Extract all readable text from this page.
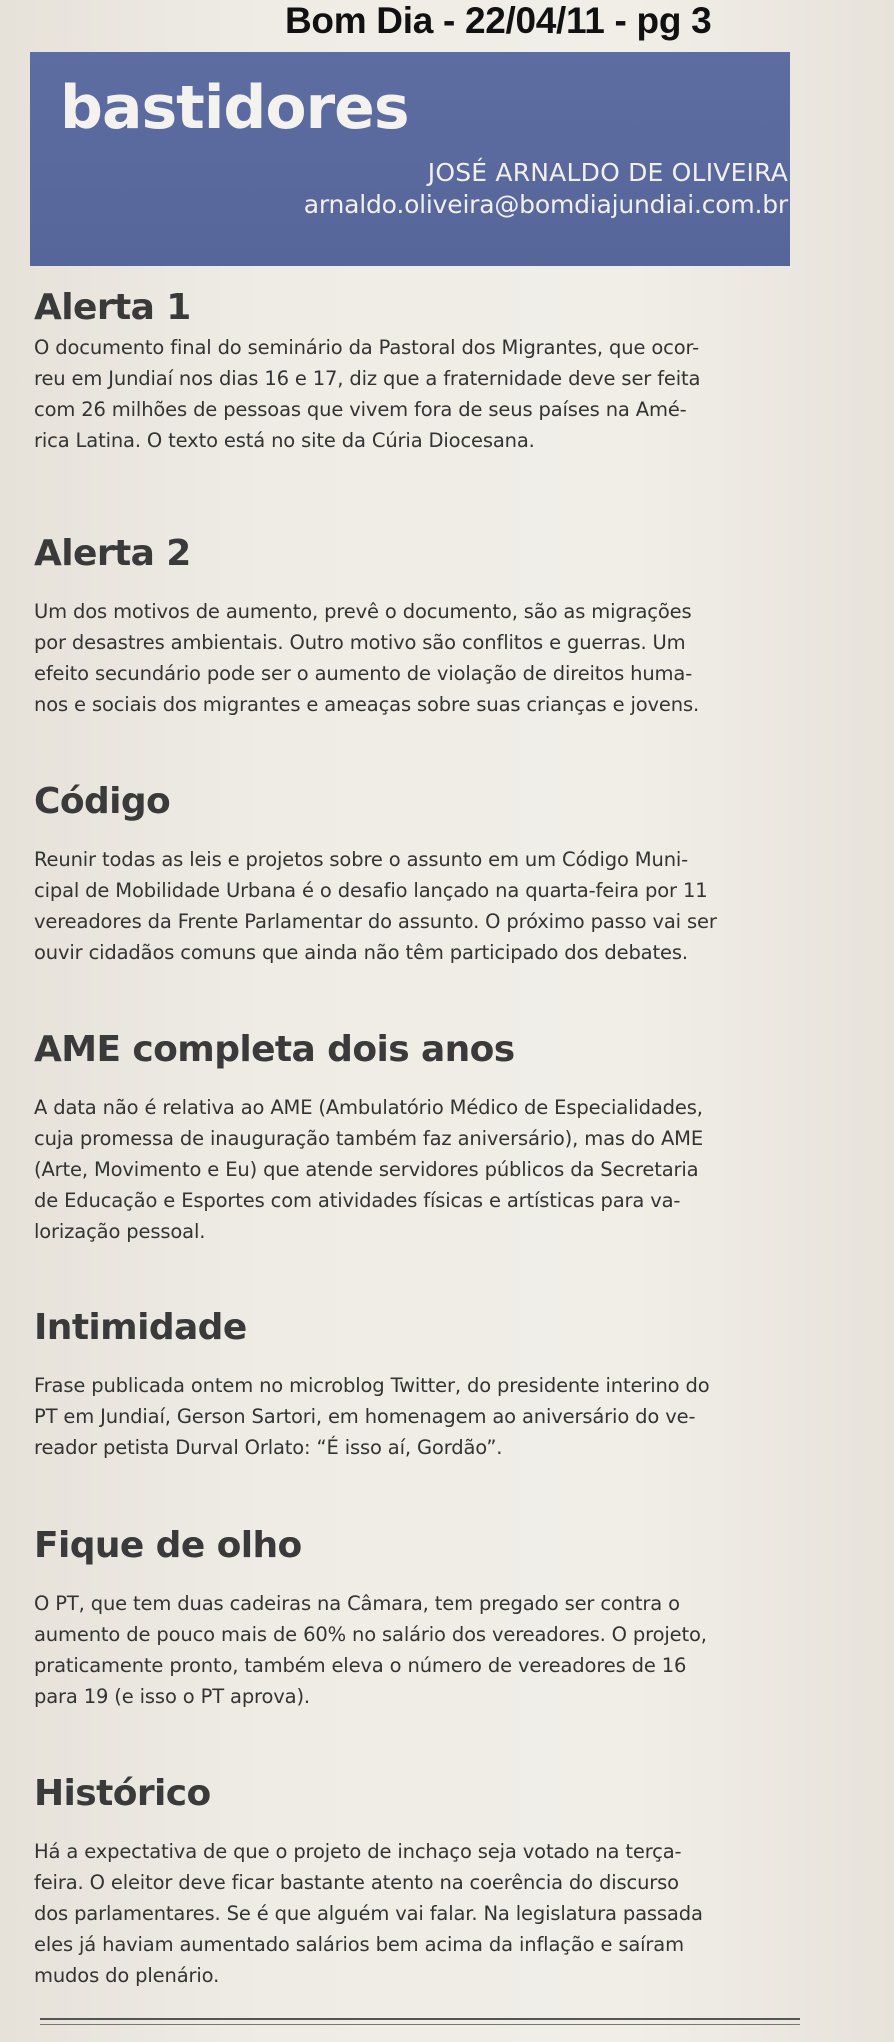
Bom Dia - 22/04/11 - pg 3
bastidores
JOSÉ ARNALDO DE OLIVEIRA
arnaldo.oliveira@bomdiajundiai.com.br
Alerta 1

O documento final do seminário da Pastoral dos Migrantes, que ocor-
reu em Jundiaí nos dias 16 e 17, diz que a fraternidade deve ser feita
com 26 milhões de pessoas que vivem fora de seus países na Amé-
rica Latina. O texto está no site da Cúria Diocesana.

Alerta 2

Um dos motivos de aumento, prevê o documento, são as migrações
por desastres ambientais. Outro motivo são conflitos e guerras. Um
efeito secundário pode ser o aumento de violação de direitos huma-
nos e sociais dos migrantes e ameaças sobre suas crianças e jovens.

Código

Reunir todas as leis e projetos sobre o assunto em um Código Muni-
cipal de Mobilidade Urbana é o desafio lançado na quarta-feira por 11
vereadores da Frente Parlamentar do assunto. O próximo passo vai ser
ouvir cidadãos comuns que ainda não têm participado dos debates.

AME completa dois anos

A data não é relativa ao AME (Ambulatório Médico de Especialidades,
cuja promessa de inauguração também faz aniversário), mas do AME
(Arte, Movimento e Eu) que atende servidores públicos da Secretaria
de Educação e Esportes com atividades físicas e artísticas para va-
lorização pessoal.

Intimidade

Frase publicada ontem no microblog Twitter, do presidente interino do
PT em Jundiaí, Gerson Sartori, em homenagem ao aniversário do ve-
reador petista Durval Orlato: “É isso aí, Gordão”.

Fique de olho

O PT, que tem duas cadeiras na Câmara, tem pregado ser contra o
aumento de pouco mais de 60% no salário dos vereadores. O projeto,
praticamente pronto, também eleva o número de vereadores de 16
para 19 (e isso o PT aprova).

Histórico

Há a expectativa de que o projeto de inchaço seja votado na terça-
feira. O eleitor deve ficar bastante atento na coerência do discurso
dos parlamentares. Se é que alguém vai falar. Na legislatura passada
eles já haviam aumentado salários bem acima da inflação e saíram
mudos do plenário.
